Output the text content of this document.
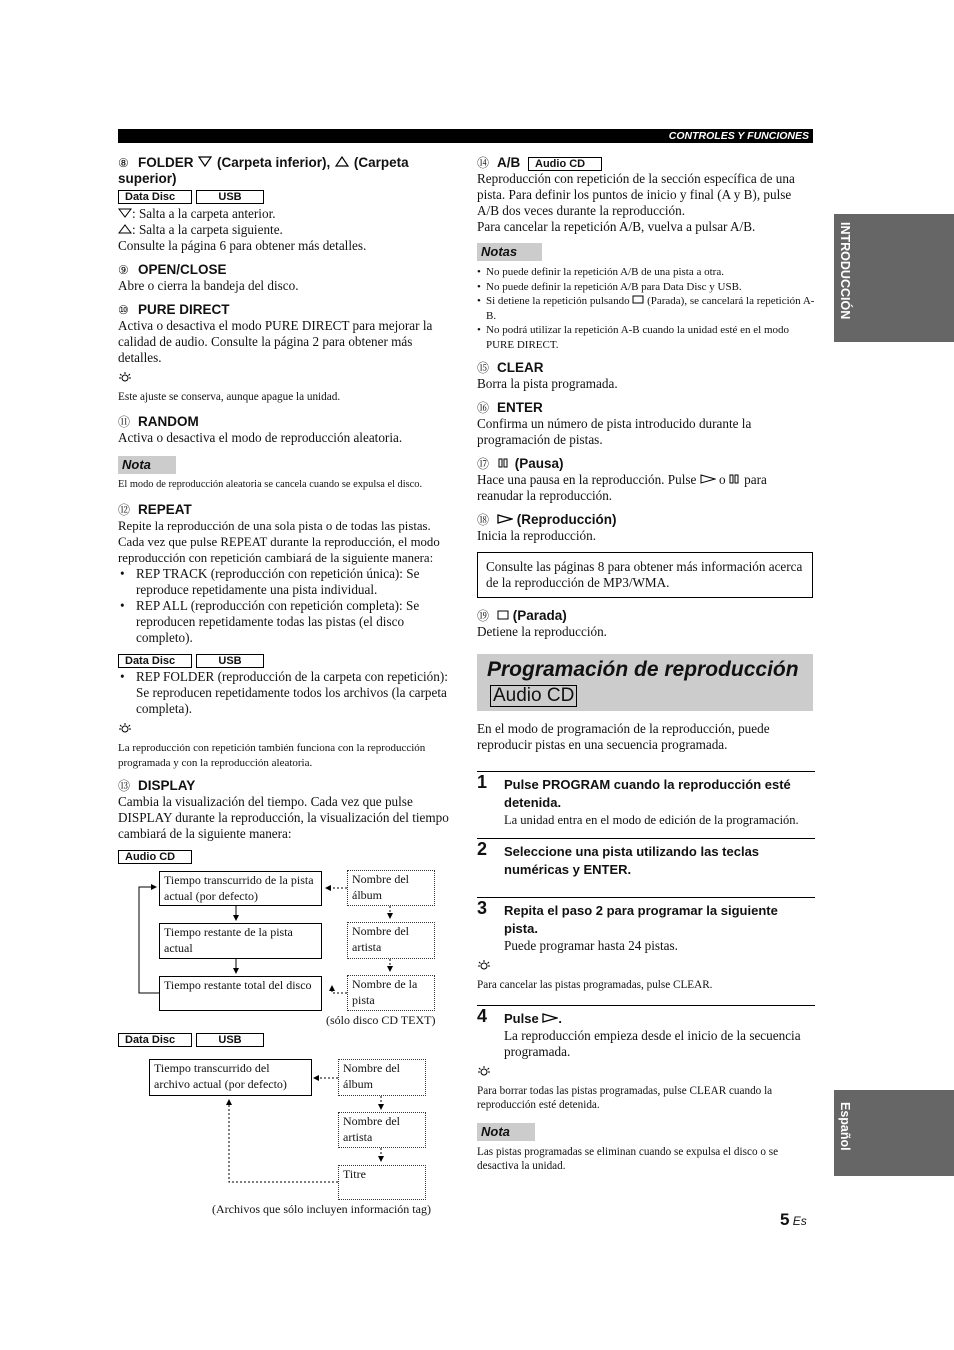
CONTROLES Y FUNCIONES
INTRODUCCIÓN
Español
⑧ FOLDER (Carpeta inferior), (Carpeta superior)
Data Disc	USB

: Salta a la carpeta anterior.

: Salta a la carpeta siguiente.

Consulte la página 6 para obtener más detalles.

⑨ OPEN/CLOSE

Abre o cierra la bandeja del disco.

⑩ PURE DIRECT

Activa o desactiva el modo PURE DIRECT para mejorar la calidad de audio. Consulte la página 2 para obtener más detalles.

Este ajuste se conserva, aunque apague la unidad.

⑪ RANDOM

Activa o desactiva el modo de reproducción aleatoria.

Nota

El modo de reproducción aleatoria se cancela cuando se expulsa el disco.

⑫ REPEAT

Repite la reproducción de una sola pista o de todas las pistas. Cada vez que pulse REPEAT durante la reproducción, el modo reproducción con repetición cambiará de la siguiente manera:

• REP TRACK (reproducción con repetición única): Se reproduce repetidamente una pista individual.
• REP ALL (reproducción con repetición completa): Se reproducen repetidamente todas las pistas (el disco completo).
Data Disc	USB
• REP FOLDER (reproducción de la carpeta con repetición): Se reproducen repetidamente todos los archivos (la carpeta completa).

La reproducción con repetición también funciona con la reproducción programada y con la reproducción aleatoria.

⑬ DISPLAY

Cambia la visualización del tiempo. Cada vez que pulse DISPLAY durante la reproducción, la visualización del tiempo cambiará de la siguiente manera:

Audio CD
Tiempo transcurrido de la pista actual (por defecto)
Tiempo restante de la pista actual
Tiempo restante total del disco
Nombre del álbum
Nombre del artista
Nombre de la pista
(sólo disco CD TEXT)
Data Disc	USB
Tiempo transcurrido del archivo actual (por defecto)
Nombre del álbum
Nombre del artista
Titre
(Archivos que sólo incluyen información tag)
⑭ A/B Audio CD

Reproducción con repetición de la sección específica de una pista. Para definir los puntos de inicio y final (A y B), pulse A/B dos veces durante la reproducción.

Para cancelar la repetición A/B, vuelva a pulsar A/B.

Notas
• No puede definir la repetición A/B de una pista a otra.
• No puede definir la repetición A/B para Data Disc y USB.
• Si detiene la repetición pulsando (Parada), se cancelará la repetición A-B.
• No podrá utilizar la repetición A-B cuando la unidad esté en el modo PURE DIRECT.
⑮ CLEAR

Borra la pista programada.

⑯ ENTER

Confirma un número de pista introducido durante la programación de pistas.

⑰ (Pausa)

Hace una pausa en la reproducción. Pulse o para reanudar la reproducción.

⑱ (Reproducción)

Inicia la reproducción.

Consulte las páginas 8 para obtener más información acerca de la reproducción de MP3/WMA.
⑲ (Parada)

Detiene la reproducción.

Programación de reproducción
Audio CD

En el modo de programación de la reproducción, puede reproducir pistas en una secuencia programada.

1 Pulse PROGRAM cuando la reproducción esté detenida.

La unidad entra en el modo de edición de la programación.

2 Seleccione una pista utilizando las teclas numéricas y ENTER.
3 Repita el paso 2 para programar la siguiente pista.

Puede programar hasta 24 pistas.

Para cancelar las pistas programadas, pulse CLEAR.

4 Pulse .

La reproducción empieza desde el inicio de la secuencia programada.

Para borrar todas las pistas programadas, pulse CLEAR cuando la reproducción esté detenida.

Nota

Las pistas programadas se eliminan cuando se expulsa el disco o se desactiva la unidad.

5 Es
